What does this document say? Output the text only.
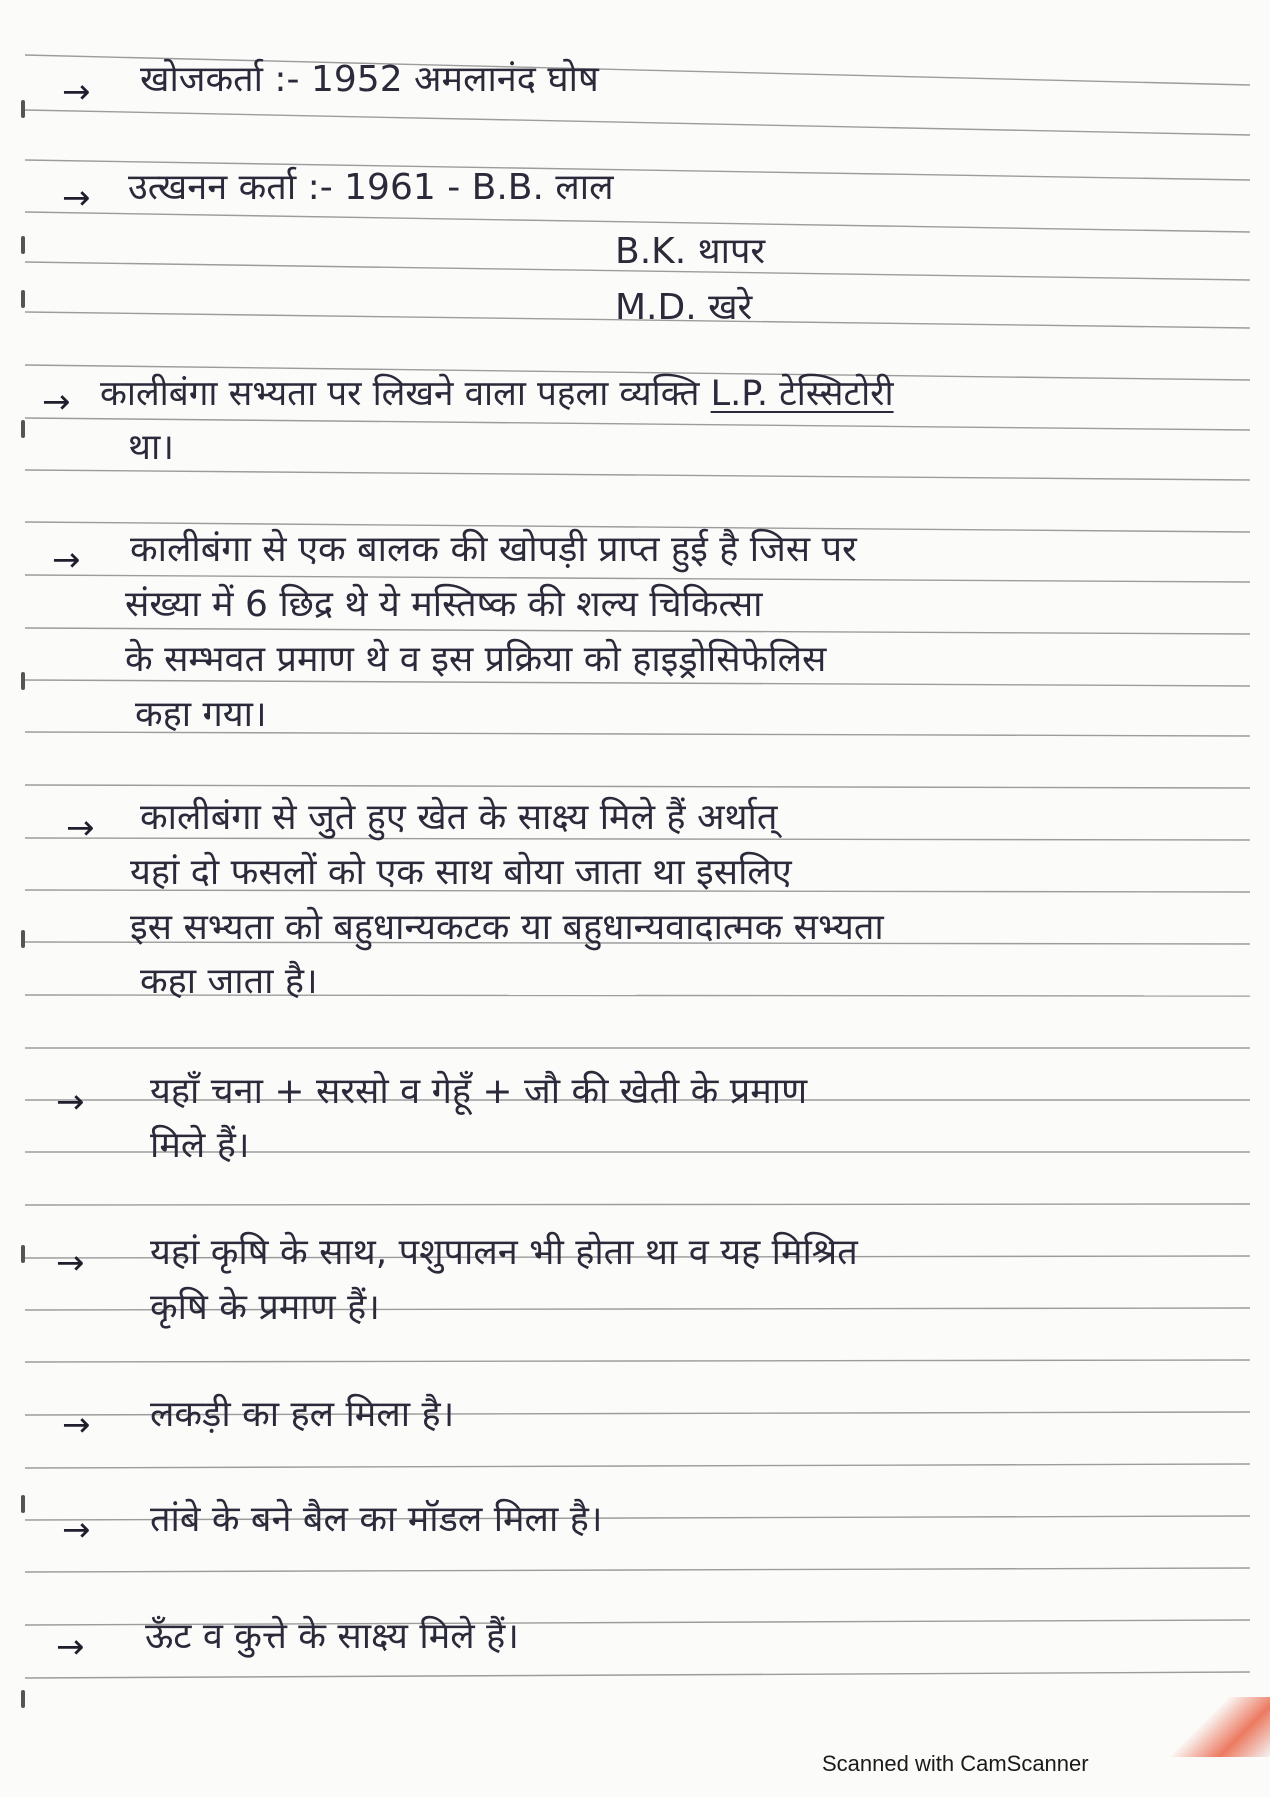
→ खोजकर्ता :- 1952 अमलानंद घोष
→ उत्खनन कर्ता :- 1961 - B.B. लाल
B.K. थापर
M.D. खरे
→ कालीबंगा सभ्यता पर लिखने वाला पहला व्यक्ति L.P. टेस्सिटोरी
था।
→ कालीबंगा से एक बालक की खोपड़ी प्राप्त हुई है जिस पर
संख्या में 6 छिद्र थे ये मस्तिष्क की शल्य चिकित्सा
के सम्भवत प्रमाण थे व इस प्रक्रिया को हाइड्रोसिफेलिस
कहा गया।
→ कालीबंगा से जुते हुए खेत के साक्ष्य मिले हैं अर्थात्
यहां दो फसलों को एक साथ बोया जाता था इसलिए
इस सभ्यता को बहुधान्यकटक या बहुधान्यवादात्मक सभ्यता
कहा जाता है।
→ यहाँ चना + सरसो व गेहूँ + जौ की खेती के प्रमाण
मिले हैं।
→ यहां कृषि के साथ, पशुपालन भी होता था व यह मिश्रित
कृषि के प्रमाण हैं।
→ लकड़ी का हल मिला है।
→ तांबे के बने बैल का मॉडल मिला है।
→ ऊँट व कुत्ते के साक्ष्य मिले हैं।
Scanned with CamScanner
